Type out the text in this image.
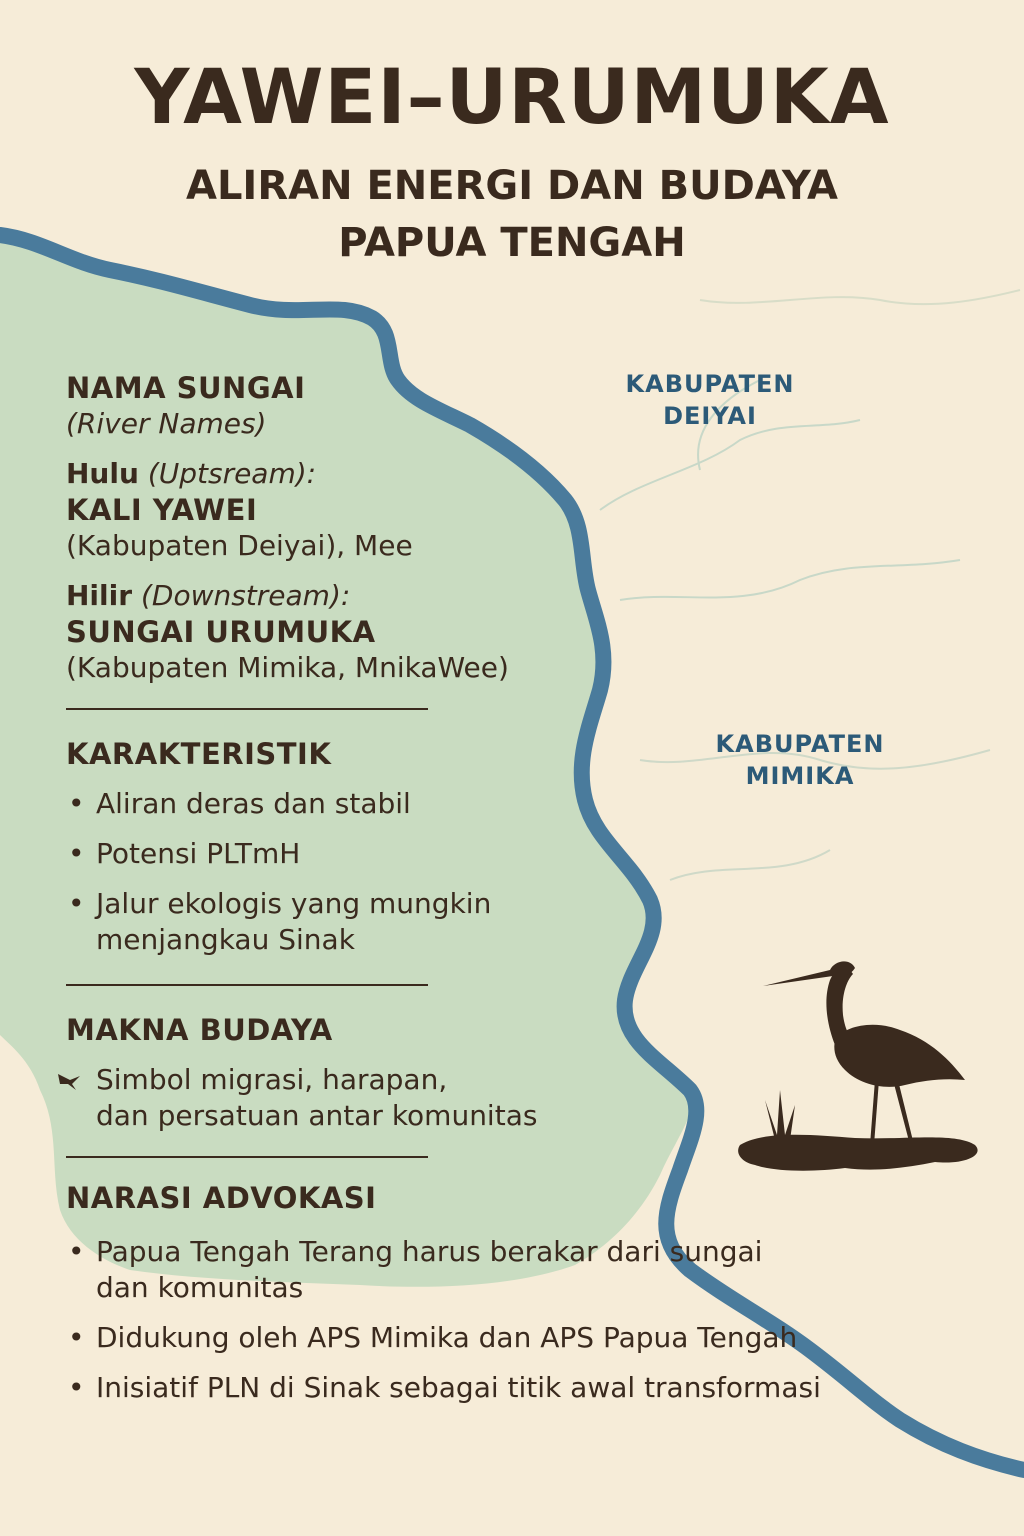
YAWEI–URUMUKA
ALIRAN ENERGI DAN BUDAYA
PAPUA TENGAH
KABUPATEN
DEIYAI
KABUPATEN
MIMIKA
NAMA SUNGAI
(River Names)
Hulu (Uptsream):
KALI YAWEI
(Kabupaten Deiyai), Mee
Hilir (Downstream):
SUNGAI URUMUKA
(Kabupaten Mimika, MnikaWee)
KARAKTERISTIK
• Aliran deras dan stabil
• Potensi PLTmH
• Jalur ekologis yang mungkin
menjangkau Sinak
MAKNA BUDAYA
Simbol migrasi, harapan,
dan persatuan antar komunitas
NARASI ADVOKASI
• Papua Tengah Terang harus berakar dari sungai
dan komunitas
• Didukung oleh APS Mimika dan APS Papua Tengah
• Inisiatif PLN di Sinak sebagai titik awal transformasi
